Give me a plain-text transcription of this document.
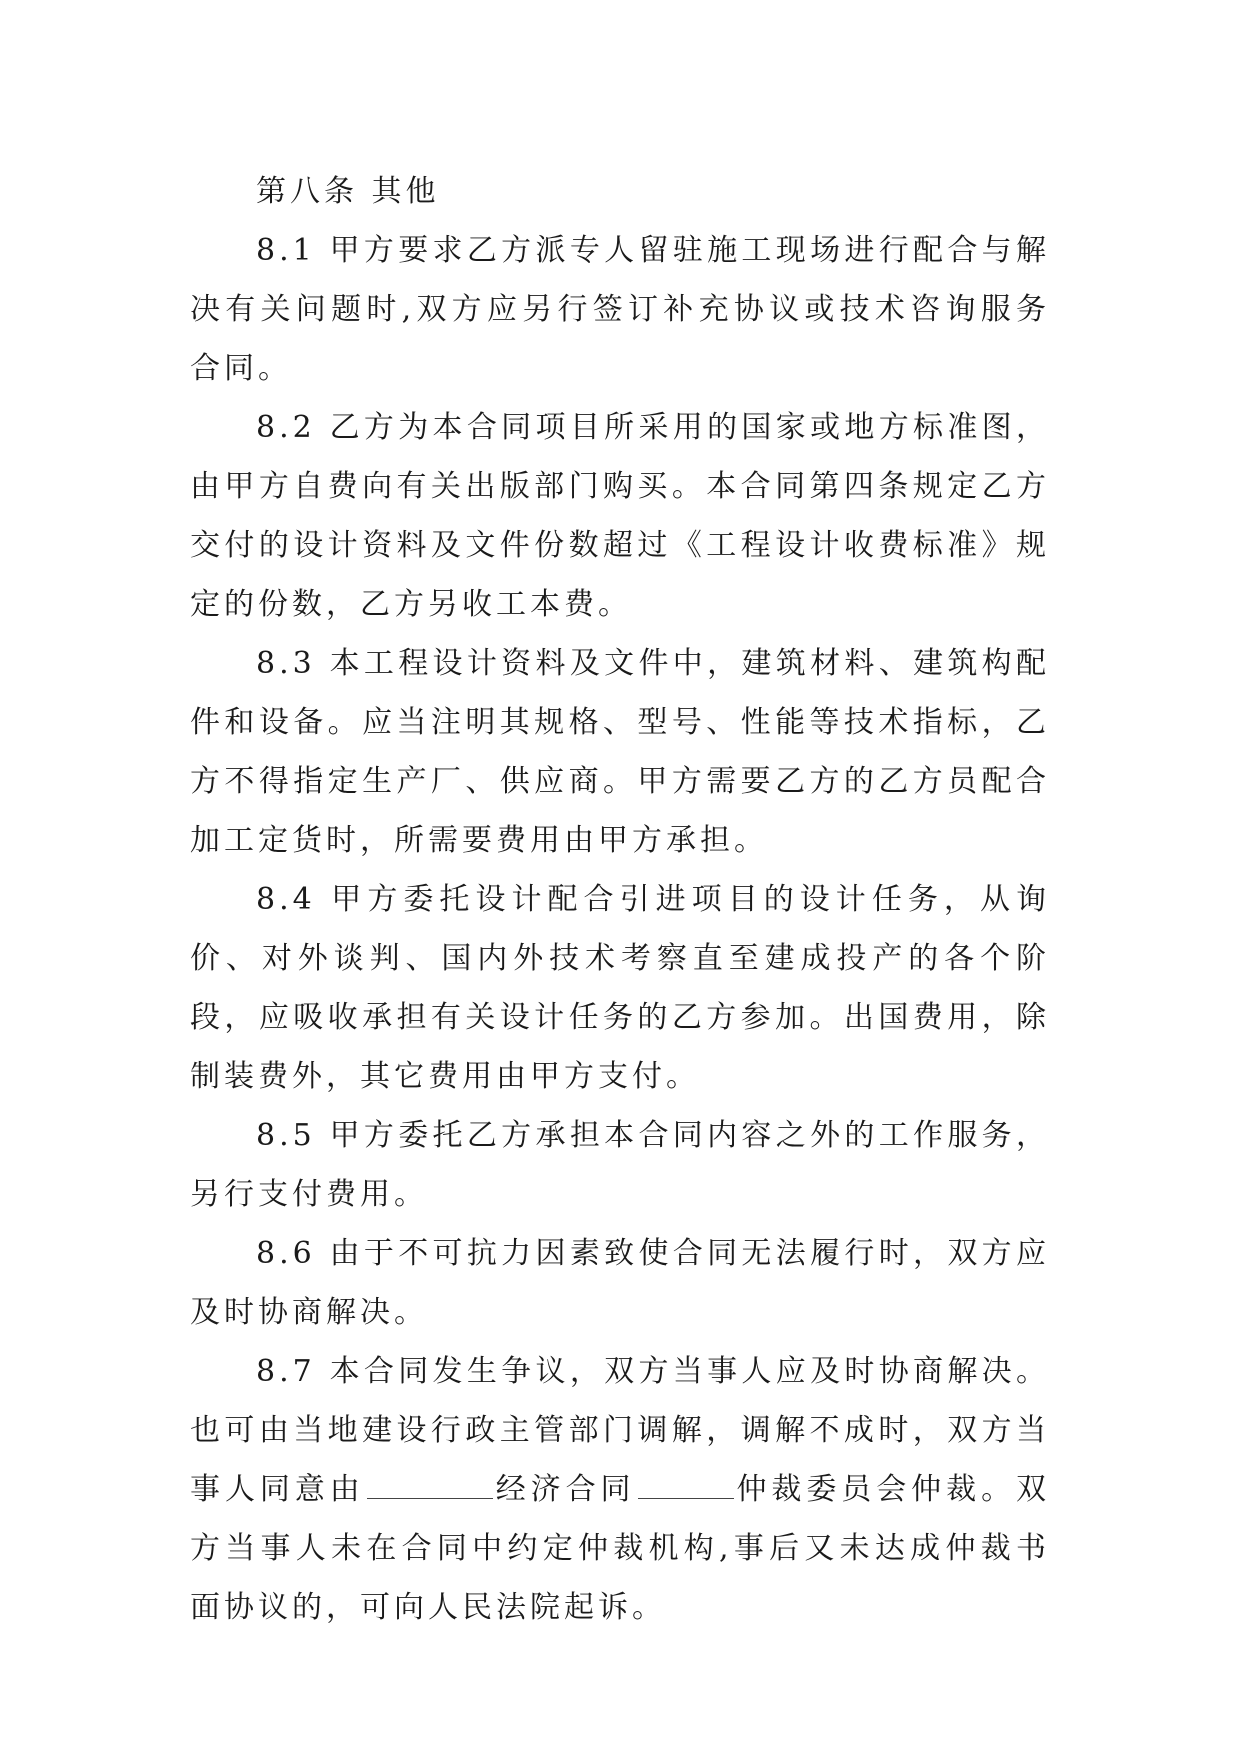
第八条 其他

8.1 甲方要求乙方派专人留驻施工现场进行配合与解决有关问题时,双方应另行签订补充协议或技术咨询服务合同。

8.2 乙方为本合同项目所采用的国家或地方标准图，由甲方自费向有关出版部门购买。本合同第四条规定乙方交付的设计资料及文件份数超过《工程设计收费标准》规定的份数，乙方另收工本费。

8.3 本工程设计资料及文件中，建筑材料、建筑构配件和设备。应当注明其规格、型号、性能等技术指标，乙方不得指定生产厂、供应商。甲方需要乙方的乙方员配合加工定货时，所需要费用由甲方承担。

8.4 甲方委托设计配合引进项目的设计任务，从询价、对外谈判、国内外技术考察直至建成投产的各个阶段，应吸收承担有关设计任务的乙方参加。出国费用，除制装费外，其它费用由甲方支付。

8.5 甲方委托乙方承担本合同内容之外的工作服务，另行支付费用。

8.6 由于不可抗力因素致使合同无法履行时，双方应及时协商解决。

8.7 本合同发生争议，双方当事人应及时协商解决。也可由当地建设行政主管部门调解，调解不成时，双方当事人同意由	经济合同	仲裁委员会仲裁。双方当事人未在合同中约定仲裁机构,事后又未达成仲裁书面协议的，可向人民法院起诉。
